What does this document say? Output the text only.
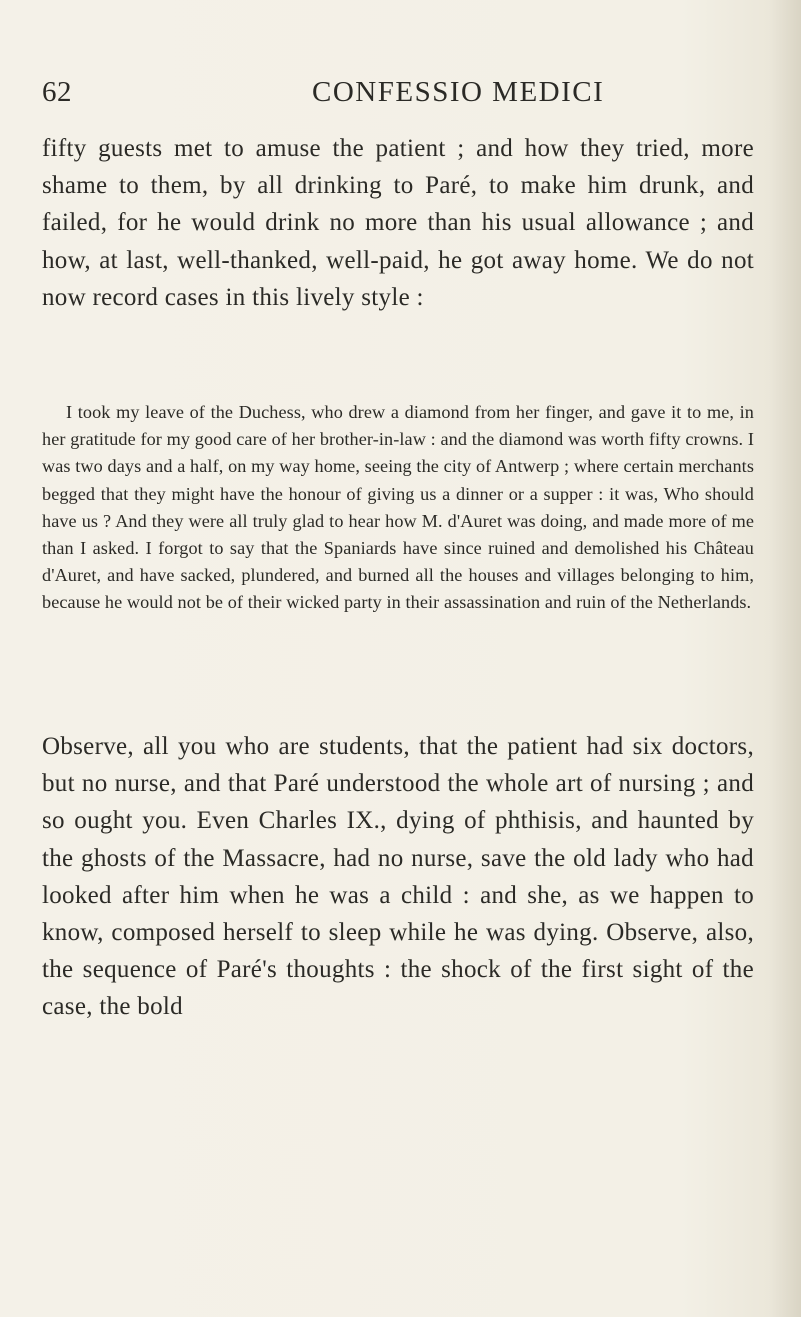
62	CONFESSIO MEDICI

fifty guests met to amuse the patient ; and how they tried, more shame to them, by all drinking to Paré, to make him drunk, and failed, for he would drink no more than his usual allowance ; and how, at last, well-thanked, well-paid, he got away home. We do not now record cases in this lively style :

I took my leave of the Duchess, who drew a diamond from her finger, and gave it to me, in her gratitude for my good care of her brother-in-law : and the diamond was worth fifty crowns. I was two days and a half, on my way home, seeing the city of Antwerp ; where certain merchants begged that they might have the honour of giving us a dinner or a supper : it was, Who should have us ? And they were all truly glad to hear how M. d'Auret was doing, and made more of me than I asked. I forgot to say that the Spaniards have since ruined and demolished his Château d'Auret, and have sacked, plundered, and burned all the houses and villages belonging to him, because he would not be of their wicked party in their assassination and ruin of the Netherlands.

Observe, all you who are students, that the patient had six doctors, but no nurse, and that Paré understood the whole art of nursing ; and so ought you. Even Charles IX., dying of phthisis, and haunted by the ghosts of the Massacre, had no nurse, save the old lady who had looked after him when he was a child : and she, as we happen to know, composed herself to sleep while he was dying. Observe, also, the sequence of Paré's thoughts : the shock of the first sight of the case, the bold
